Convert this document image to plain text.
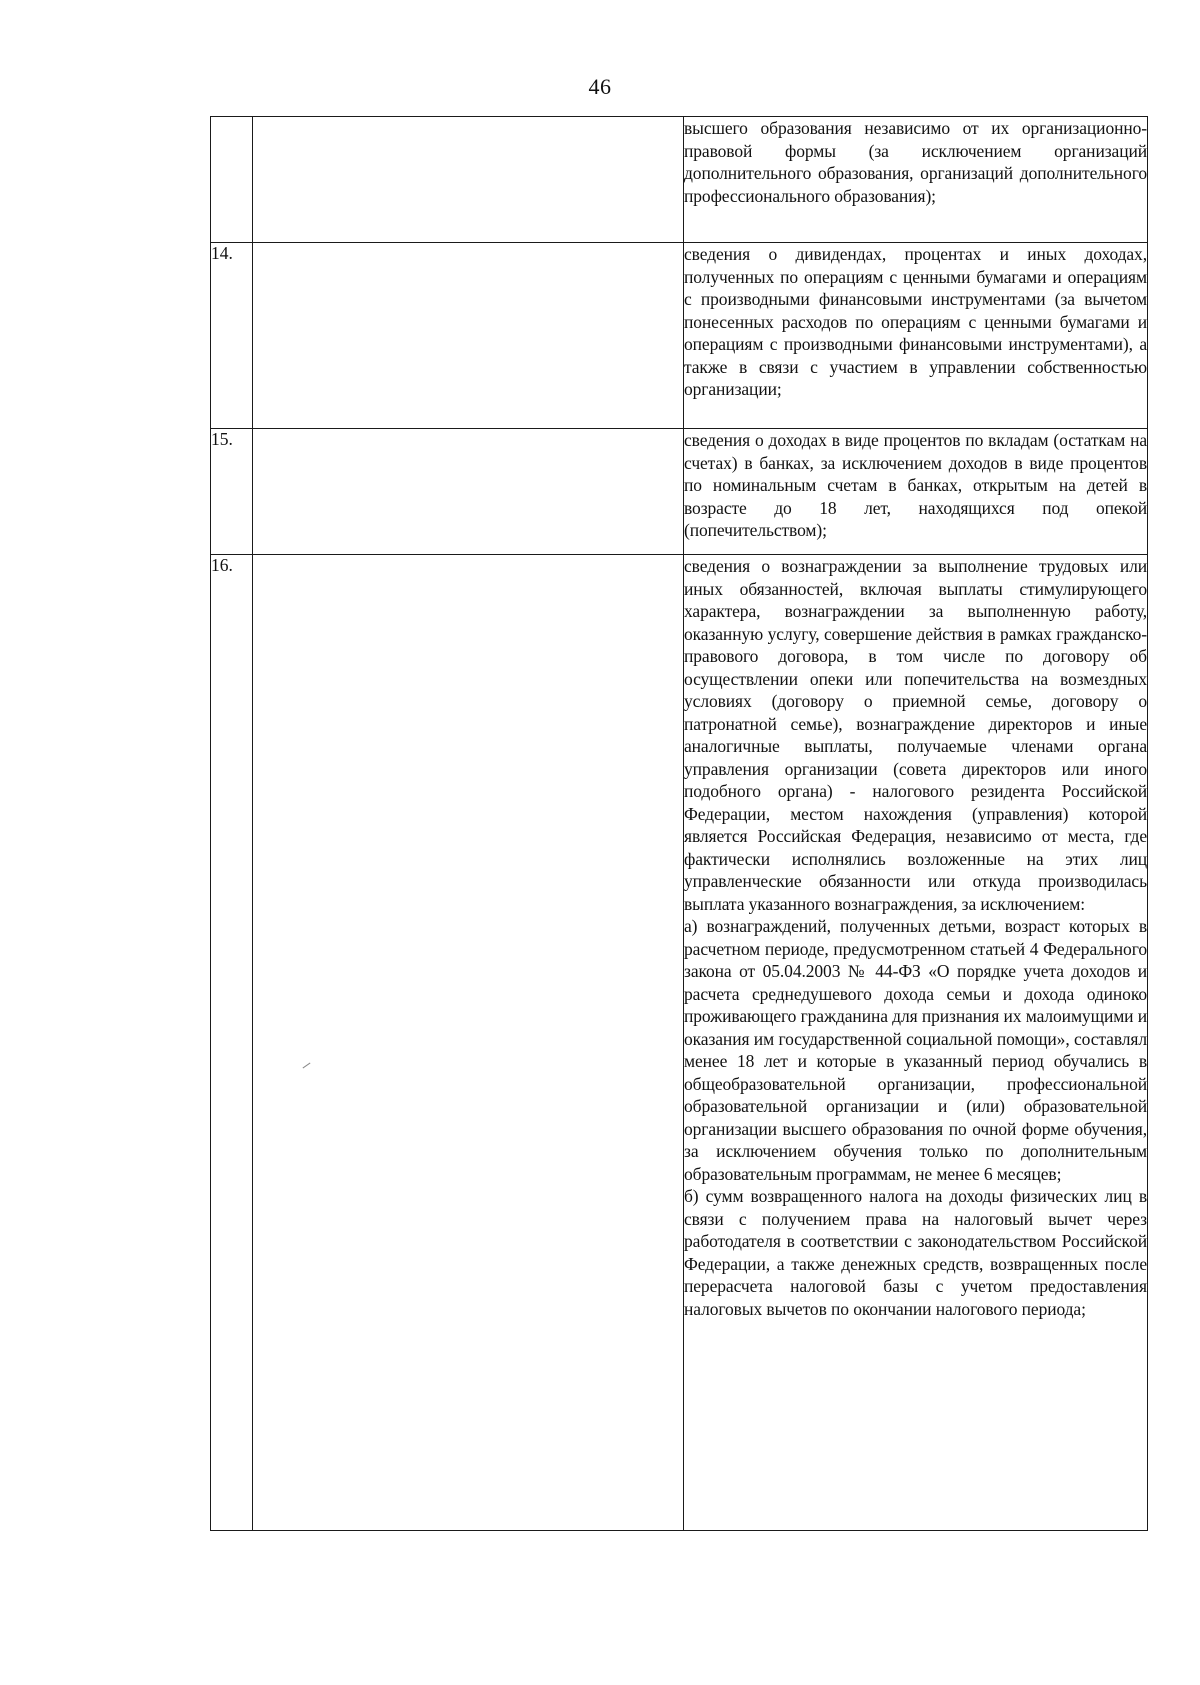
46

		высшего образования независимо от их организационно-правовой формы (за исключением организаций дополнительного образования, организаций дополнительного профессионального образования);

14.		сведения о дивидендах, процентах и иных доходах, полученных по операциям с ценными бумагами и операциям с производными финансовыми инструментами (за вычетом понесенных расходов по операциям с ценными бумагами и операциям с производными финансовыми инструментами), а также в связи с участием в управлении собственностью организации;

15.		сведения о доходах в виде процентов по вкладам (остаткам на счетах) в банках, за исключением доходов в виде процентов по номинальным счетам в банках, открытым на детей в возрасте до 18 лет, находящихся под опекой (попечительством);

16.		сведения о вознаграждении за выполнение трудовых или иных обязанностей, включая выплаты стимулирующего характера, вознаграждении за выполненную работу, оказанную услугу, совершение действия в рамках гражданско-правового договора, в том числе по договору об осуществлении опеки или попечительства на возмездных условиях (договору о приемной семье, договору о патронатной семье), вознаграждение директоров и иные аналогичные выплаты, получаемые членами органа управления организации (совета директоров или иного подобного органа) - налогового резидента Российской Федерации, местом нахождения (управления) которой является Российская Федерация, независимо от места, где фактически исполнялись возложенные на этих лиц управленческие обязанности или откуда производилась выплата указанного вознаграждения, за исключением:

а) вознаграждений, полученных детьми, возраст которых в расчетном периоде, предусмотренном статьей 4 Федерального закона от 05.04.2003 № 44-ФЗ «О порядке учета доходов и расчета среднедушевого дохода семьи и дохода одиноко проживающего гражданина для признания их малоимущими и оказания им государственной социальной помощи», составлял менее 18 лет и которые в указанный период обучались в общеобразовательной организации, профессиональной образовательной организации и (или) образовательной организации высшего образования по очной форме обучения, за исключением обучения только по дополнительным образовательным программам, не менее 6 месяцев;

б) сумм возвращенного налога на доходы физических лиц в связи с получением права на налоговый вычет через работодателя в соответствии с законодательством Российской Федерации, а также денежных средств, возвращенных после перерасчета налоговой базы с учетом предоставления налоговых вычетов по окончании налогового периода;
